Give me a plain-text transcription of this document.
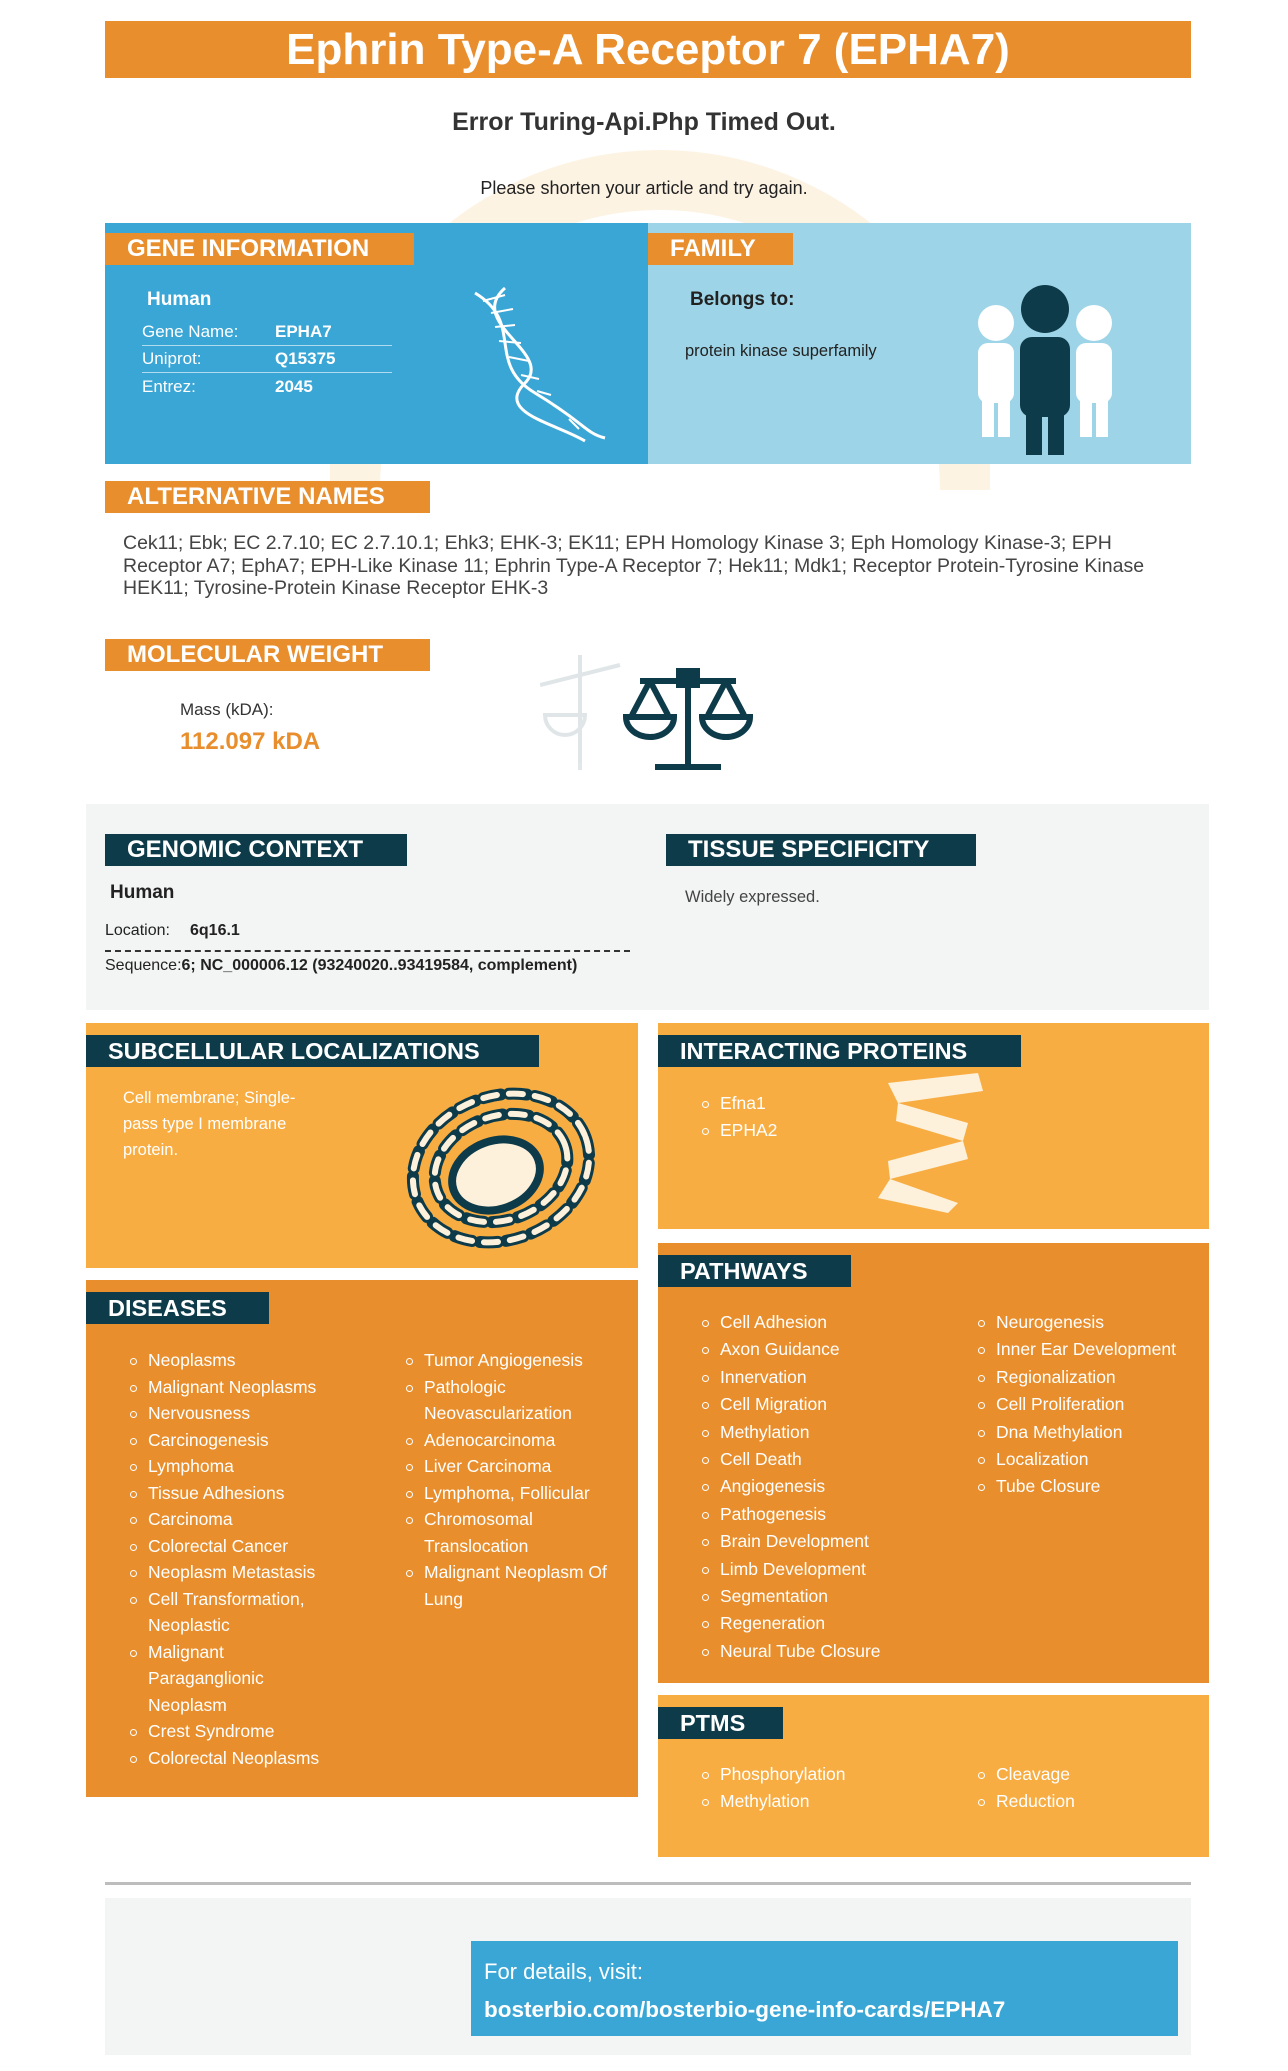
Ephrin Type-A Receptor 7 (EPHA7)
Error Turing-Api.Php Timed Out.
Please shorten your article and try again.
GENE INFORMATION
Human
Gene Name:	EPHA7
Uniprot:	Q15375
Entrez:	2045
FAMILY
Belongs to:
protein kinase superfamily
ALTERNATIVE NAMES
Cek11; Ebk; EC 2.7.10; EC 2.7.10.1; Ehk3; EHK-3; EK11; EPH Homology Kinase 3; Eph Homology Kinase-3; EPH Receptor A7; EphA7; EPH-Like Kinase 11; Ephrin Type-A Receptor 7; Hek11; Mdk1; Receptor Protein-Tyrosine Kinase HEK11; Tyrosine-Protein Kinase Receptor EHK-3
MOLECULAR WEIGHT
Mass (kDA):
112.097 kDA
GENOMIC CONTEXT
Human
Location: 6q16.1
Sequence:6; NC_000006.12 (93240020..93419584, complement)
TISSUE SPECIFICITY
Widely expressed.
SUBCELLULAR LOCALIZATIONS
Cell membrane; Single-pass type I membrane protein.
INTERACTING PROTEINS
Efna1
EPHA2
DISEASES
Neoplasms
Malignant Neoplasms
Nervousness
Carcinogenesis
Lymphoma
Tissue Adhesions
Carcinoma
Colorectal Cancer
Neoplasm Metastasis
Cell Transformation, Neoplastic
Malignant Paraganglionic Neoplasm
Crest Syndrome
Colorectal Neoplasms
Tumor Angiogenesis
Pathologic Neovascularization
Adenocarcinoma
Liver Carcinoma
Lymphoma, Follicular
Chromosomal Translocation
Malignant Neoplasm Of Lung
PATHWAYS
Cell Adhesion
Axon Guidance
Innervation
Cell Migration
Methylation
Cell Death
Angiogenesis
Pathogenesis
Brain Development
Limb Development
Segmentation
Regeneration
Neural Tube Closure
Neurogenesis
Inner Ear Development
Regionalization
Cell Proliferation
Dna Methylation
Localization
Tube Closure
PTMS
Phosphorylation
Methylation
Cleavage
Reduction
For details, visit:
bosterbio.com/bosterbio-gene-info-cards/EPHA7
